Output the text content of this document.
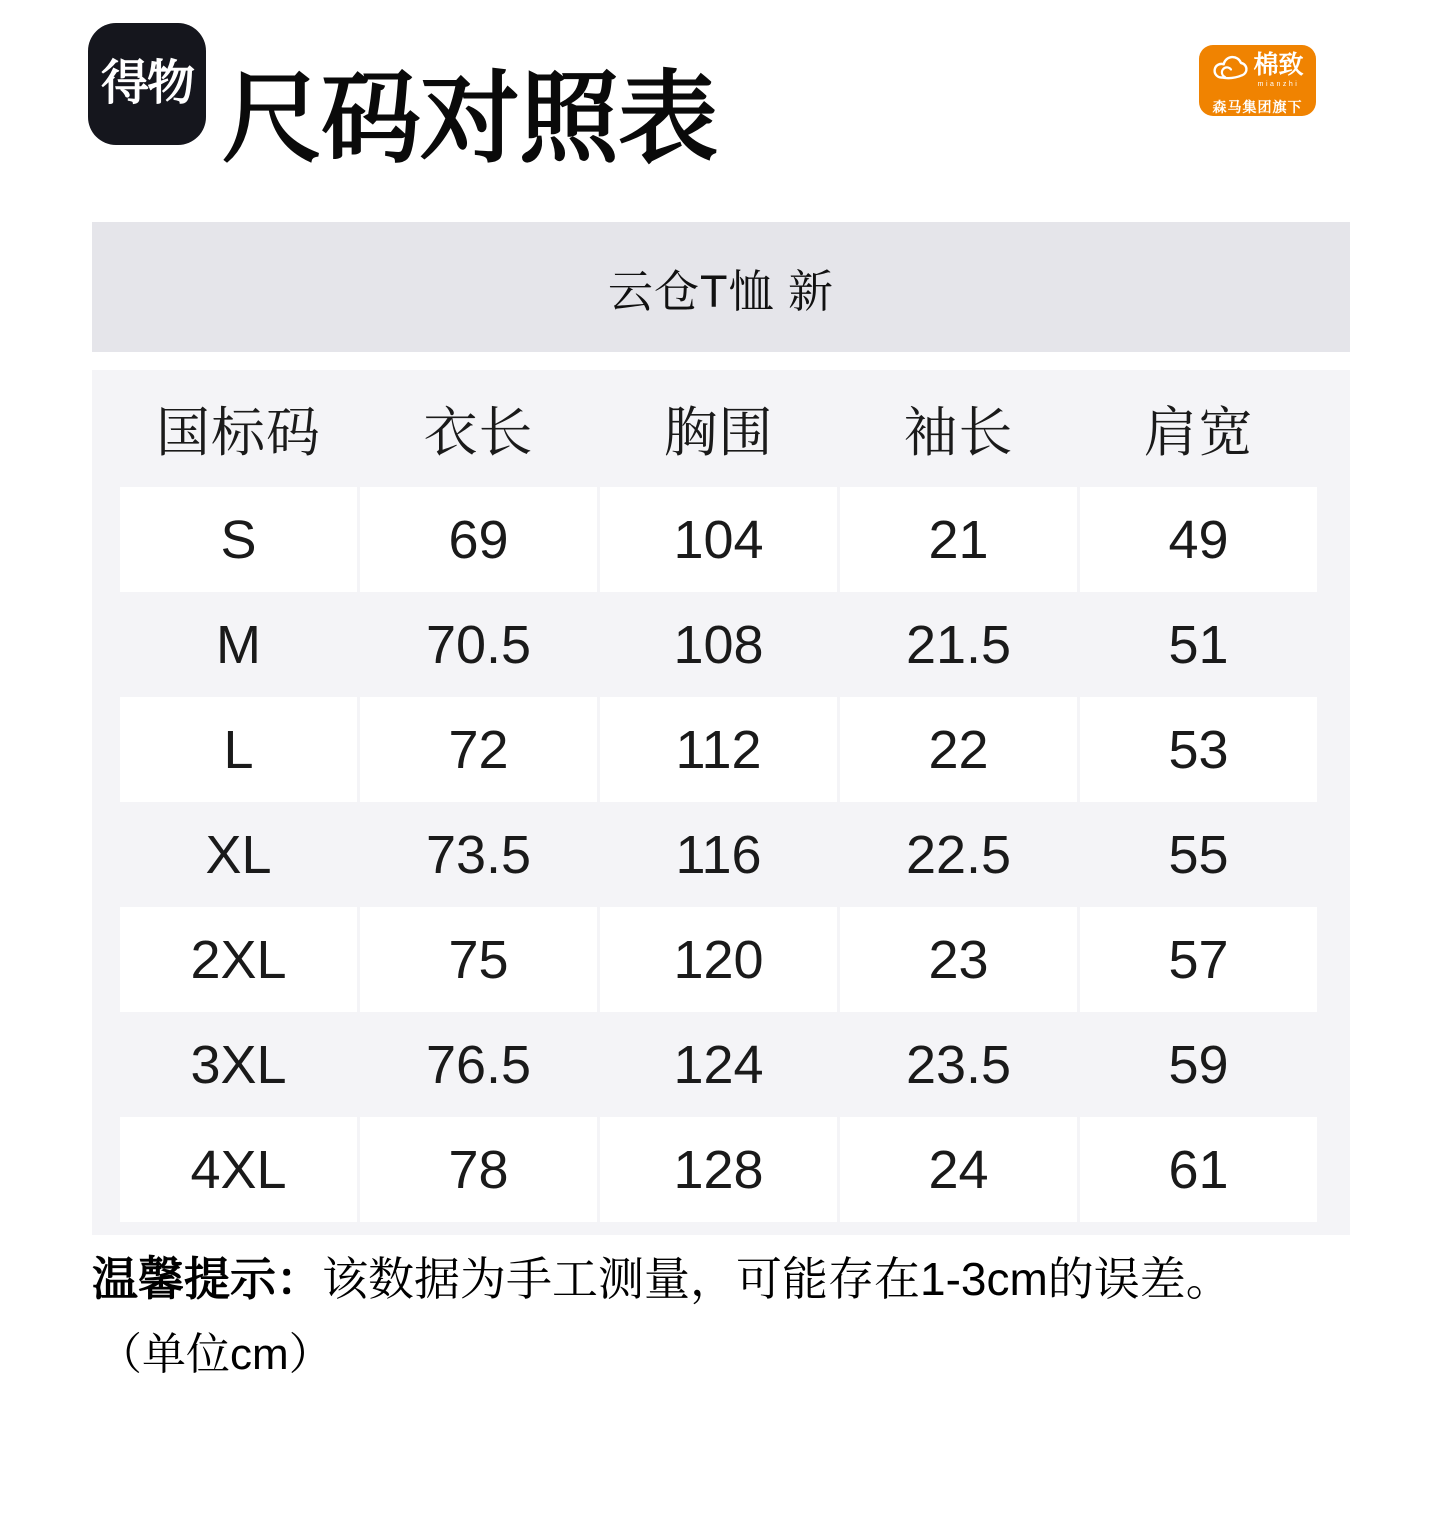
得物 尺码对照表	棉致
mianzhi
森马集团旗下
云仓T恤 新
国标码	衣长	胸围	袖长	肩宽
S	69	104	21	49
M	70.5	108	21.5	51
L	72	112	22	53
XL	73.5	116	22.5	55
2XL	75	120	23	57
3XL	76.5	124	23.5	59
4XL	78	128	24	61
温馨提示：该数据为手工测量，可能存在1-3cm的误差。
（单位cm）
